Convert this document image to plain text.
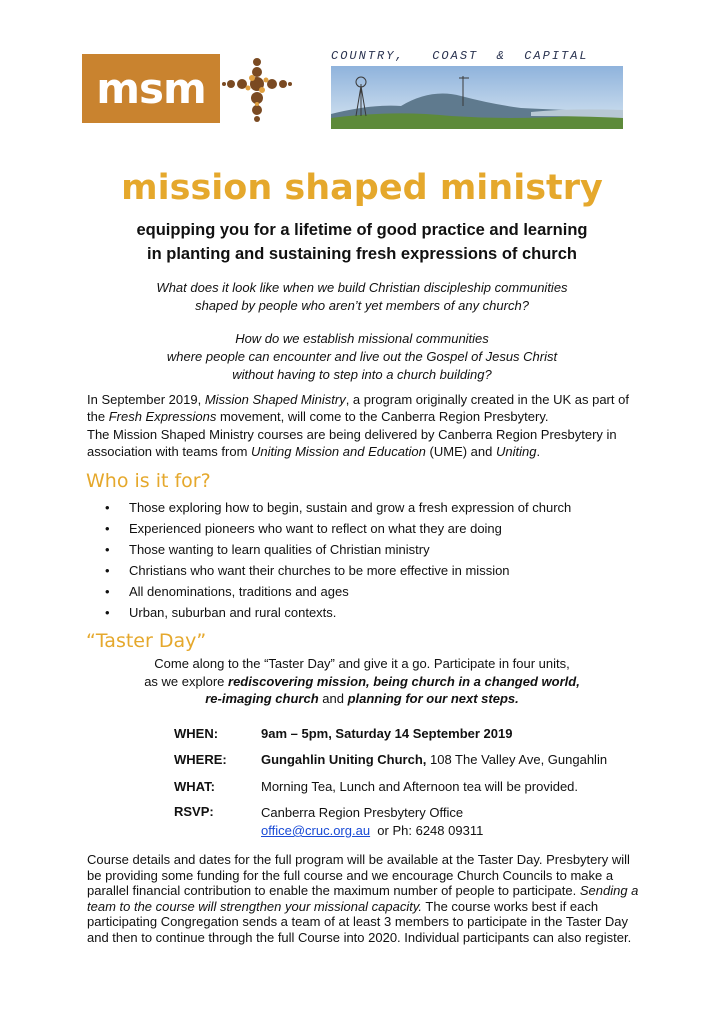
msm
COUNTRY,   COAST  &  CAPITAL
mission shaped ministry
equipping you for a lifetime of good practice and learning
in planting and sustaining fresh expressions of church
What does it look like when we build Christian discipleship communities
shaped by people who aren’t yet members of any church?
How do we establish missional communities
where people can encounter and live out the Gospel of Jesus Christ
without having to step into a church building?
In September 2019, Mission Shaped Ministry, a program originally created in the UK as part of the Fresh Expressions movement, will come to the Canberra Region Presbytery.
The Mission Shaped Ministry courses are being delivered by Canberra Region Presbytery in association with teams from Uniting Mission and Education (UME) and Uniting.
Who is it for?
•	Those exploring how to begin, sustain and grow a fresh expression of church
•	Experienced pioneers who want to reflect on what they are doing
•	Those wanting to learn qualities of Christian ministry
•	Christians who want their churches to be more effective in mission
•	All denominations, traditions and ages
•	Urban, suburban and rural contexts.
“Taster Day”
Come along to the “Taster Day” and give it a go. Participate in four units,
as we explore rediscovering mission, being church in a changed world,
re-imaging church and planning for our next steps.
WHEN:	9am – 5pm, Saturday 14 September 2019
WHERE:	Gungahlin Uniting Church, 108 The Valley Ave, Gungahlin
WHAT:	Morning Tea, Lunch and Afternoon tea will be provided.
RSVP:	Canberra Region Presbytery Office
office@cruc.org.au  or Ph: 6248 09311
Course details and dates for the full program will be available at the Taster Day. Presbytery will be providing some funding for the full course and we encourage Church Councils to make a parallel financial contribution to enable the maximum number of people to participate. Sending a team to the course will strengthen your missional capacity. The course works best if each participating Congregation sends a team of at least 3 members to participate in the Taster Day and then to continue through the full Course into 2020. Individual participants can also register.
